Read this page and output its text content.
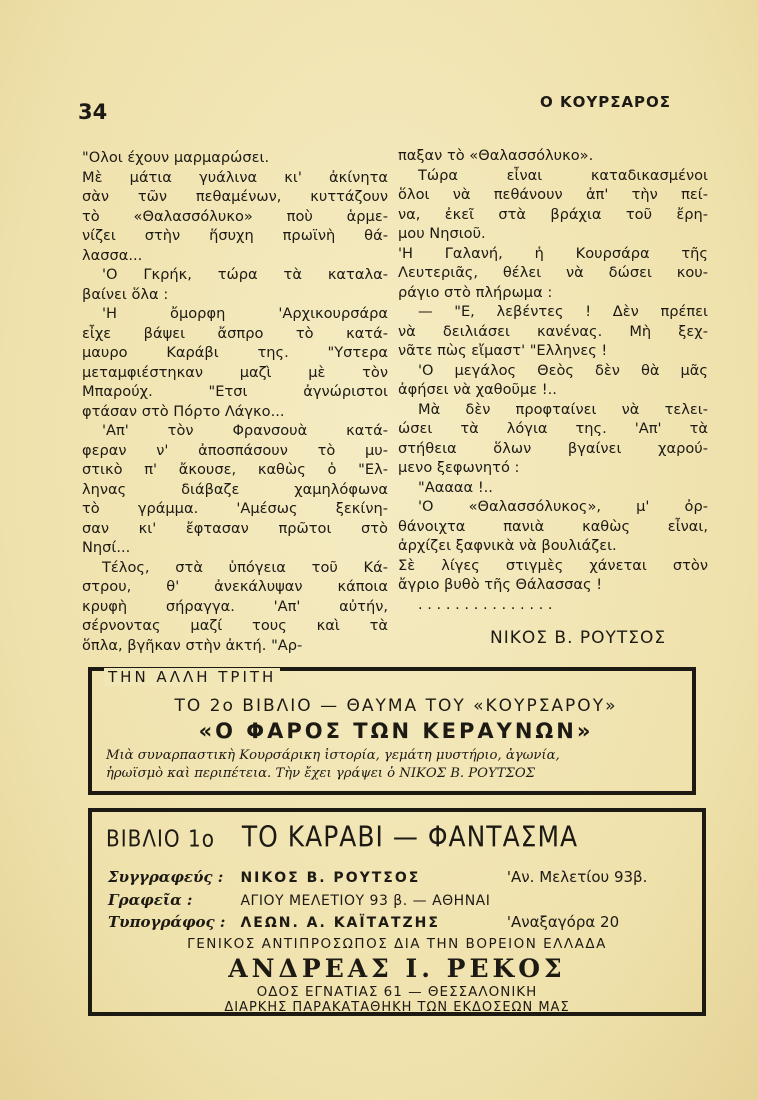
34	Ο ΚΟΥΡΣΑΡΟΣ
"Ολοι έχουν μαρμαρώσει.
Μὲ μάτια γυάλινα κι' ἀκίνητα
σὰν τῶν πεθαμένων, κυττάζουν
τὸ «Θαλασσόλυκο» ποὺ ἁρμε-
νίζει στὴν ἥσυχη πρωϊνὴ θά-
λασσα...
'Ο Γκρήκ, τώρα τὰ καταλα-
βαίνει ὅλα :
'Η ὄμορφη 'Αρχικουρσάρα
εἶχε βάψει ἄσπρο τὸ κατά-
μαυρο Καράβι της. "Υστερα
μεταμφιέστηκαν μαζὶ μὲ τὸν
Μπαρούχ. "Ετσι ἀγνώριστοι
φτάσαν στὸ Πόρτο Λάγκο...
'Απ' τὸν Φρανσουὰ κατά-
φεραν ν' ἀποσπάσουν τὸ μυ-
στικὸ π' ἄκουσε, καθὼς ὁ "Ελ-
ληνας διάβαζε χαμηλόφωνα
τὸ γράμμα. 'Αμέσως ξεκίνη-
σαν κι' ἔφτασαν πρῶτοι στὸ
Νησί...
Τέλος, στὰ ὑπόγεια τοῦ Κά-
στρου, θ' ἀνεκάλυψαν κάποια
κρυφὴ σήραγγα. 'Απ' αὐτήν,
σέρνοντας μαζί τους καὶ τὰ
ὅπλα, βγῆκαν στὴν ἀκτή. "Αρ-
παξαν τὸ «Θαλασσόλυκο».
Τώρα εἶναι καταδικασμένοι
ὅλοι νὰ πεθάνουν ἀπ' τὴν πεί-
να, ἐκεῖ στὰ βράχια τοῦ ἔρη-
μου Νησιοῦ.
'Η Γαλανή, ἡ Κουρσάρα τῆς
Λευτεριᾶς, θέλει νὰ δώσει κου-
ράγιο στὸ πλήρωμα :
— "Ε, λεβέντες ! Δὲν πρέπει
νὰ δειλιάσει κανένας. Μὴ ξεχ-
νᾶτε πὼς εἴμαστ' "Ελληνες !
'Ο μεγάλος Θεὸς δὲν θὰ μᾶς
ἀφήσει νὰ χαθοῦμε !..
Μὰ δὲν προφταίνει νὰ τελει-
ώσει τὰ λόγια της. 'Απ' τὰ
στήθεια ὅλων βγαίνει χαρού-
μενο ξεφωνητό :
"Ααααα !..
'Ο «Θαλασσόλυκος», μ' ὀρ-
θάνοιχτα πανιὰ καθὼς εἶναι,
ἀρχίζει ξαφνικὰ νὰ βουλιάζει.
Σὲ λίγες στιγμὲς χάνεται στὸν
ἄγριο βυθὸ τῆς Θάλασσας !
. . . . . . . . . . . . . . .
ΝΙΚΟΣ Β. ΡΟΥΤΣΟΣ
ΤΗΝ ΑΛΛΗ ΤΡΙΤΗ
ΤΟ 2ο ΒΙΒΛΙΟ — ΘΑΥΜΑ ΤΟΥ «ΚΟΥΡΣΑΡΟΥ»
«Ο ΦΑΡΟΣ ΤΩΝ ΚΕΡΑΥΝΩΝ»
Μιὰ συναρπαστικὴ Κουρσάρικη ἱστορία, γεμάτη μυστήριο, ἀγωνία,
ἡρωϊσμὸ καὶ περιπέτεια. Τὴν ἔχει γράψει ὁ ΝΙΚΟΣ Β. ΡΟΥΤΣΟΣ
ΒΙΒΛΙΟ 1ο ΤΟ ΚΑΡΑΒΙ — ΦΑΝΤΑΣΜΑ
Συγγραφεύς : ΝΙΚΟΣ Β. ΡΟΥΤΣΟΣ	'Αν. Μελετίου 93β.
Γραφεῖα :	ΑΓΙΟΥ ΜΕΛΕΤΙΟΥ 93 β. — ΑΘΗΝΑΙ
Τυπογράφος : ΛΕΩΝ. Α. ΚΑΪΤΑΤΖΗΣ	'Αναξαγόρα 20
ΓΕΝΙΚΟΣ ΑΝΤΙΠΡΟΣΩΠΟΣ ΔΙΑ ΤΗΝ ΒΟΡΕΙΟΝ ΕΛΛΑΔΑ
ΑΝΔΡΕΑΣ Ι. ΡΕΚΟΣ
ΟΔΟΣ ΕΓΝΑΤΙΑΣ 61 — ΘΕΣΣΑΛΟΝΙΚΗ
ΔΙΑΡΚΗΣ ΠΑΡΑΚΑΤΑΘΗΚΗ ΤΩΝ ΕΚΔΟΣΕΩΝ ΜΑΣ
